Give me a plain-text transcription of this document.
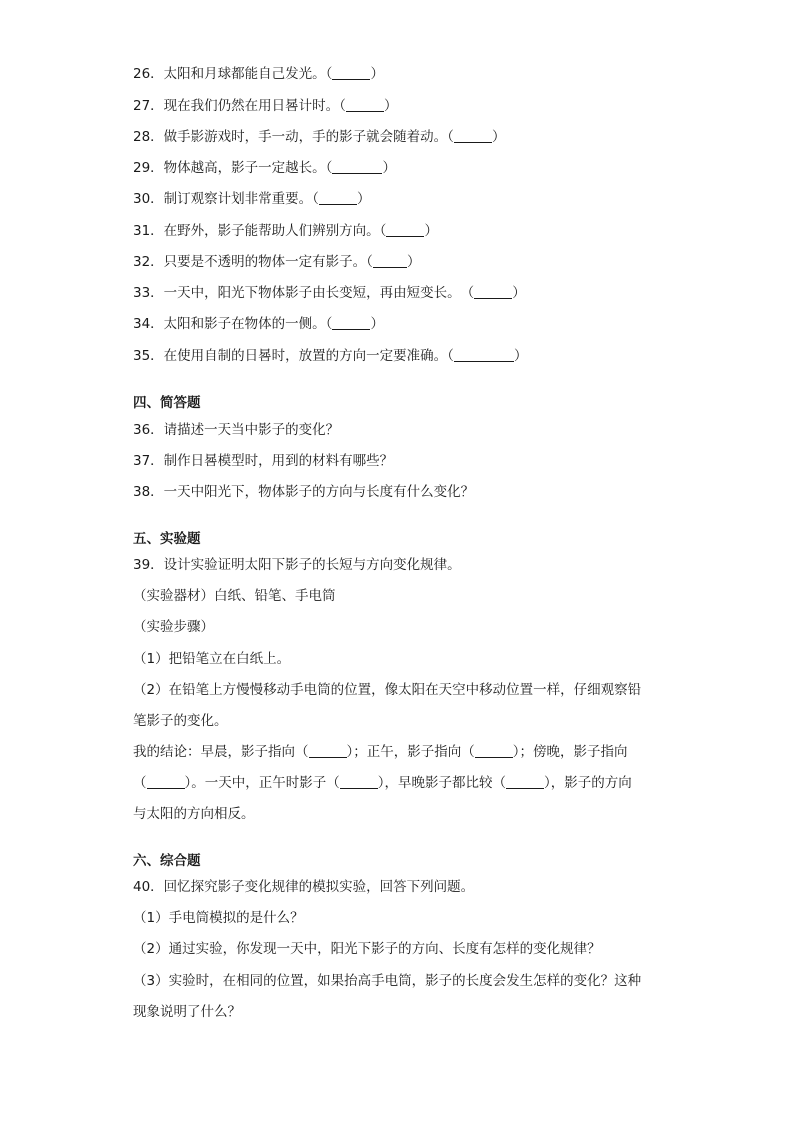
26．太阳和月球都能自己发光。（	）
27．现在我们仍然在用日晷计时。（	）
28．做手影游戏时，手一动，手的影子就会随着动。（	）
29．物体越高，影子一定越长。（	）
30．制订观察计划非常重要。（	）
31．在野外，影子能帮助人们辨别方向。（	）
32．只要是不透明的物体一定有影子。（	）
33．一天中，阳光下物体影子由长变短，再由短变长。　（	）
34．太阳和影子在物体的一侧。（	）
35．在使用自制的日晷时，放置的方向一定要准确。（	）
四、简答题
36．请描述一天当中影子的变化？
37．制作日晷模型时，用到的材料有哪些？
38．一天中阳光下，物体影子的方向与长度有什么变化？
五、实验题
39．设计实验证明太阳下影子的长短与方向变化规律。
（实验器材）白纸、铅笔、手电筒
（实验步骤）
（1）把铅笔立在白纸上。
（2）在铅笔上方慢慢移动手电筒的位置，像太阳在天空中移动位置一样，仔细观察铅
笔影子的变化。
我的结论：早晨，影子指向（	）；正午，影子指向（	）；傍晚，影子指向
（	）。一天中，正午时影子（	），早晚影子都比较（	），影子的方向
与太阳的方向相反。
六、综合题
40．回忆探究影子变化规律的模拟实验，回答下列问题。
（1）手电筒模拟的是什么？
（2）通过实验，你发现一天中，阳光下影子的方向、长度有怎样的变化规律？
（3）实验时，在相同的位置，如果抬高手电筒，影子的长度会发生怎样的变化？这种
现象说明了什么？
